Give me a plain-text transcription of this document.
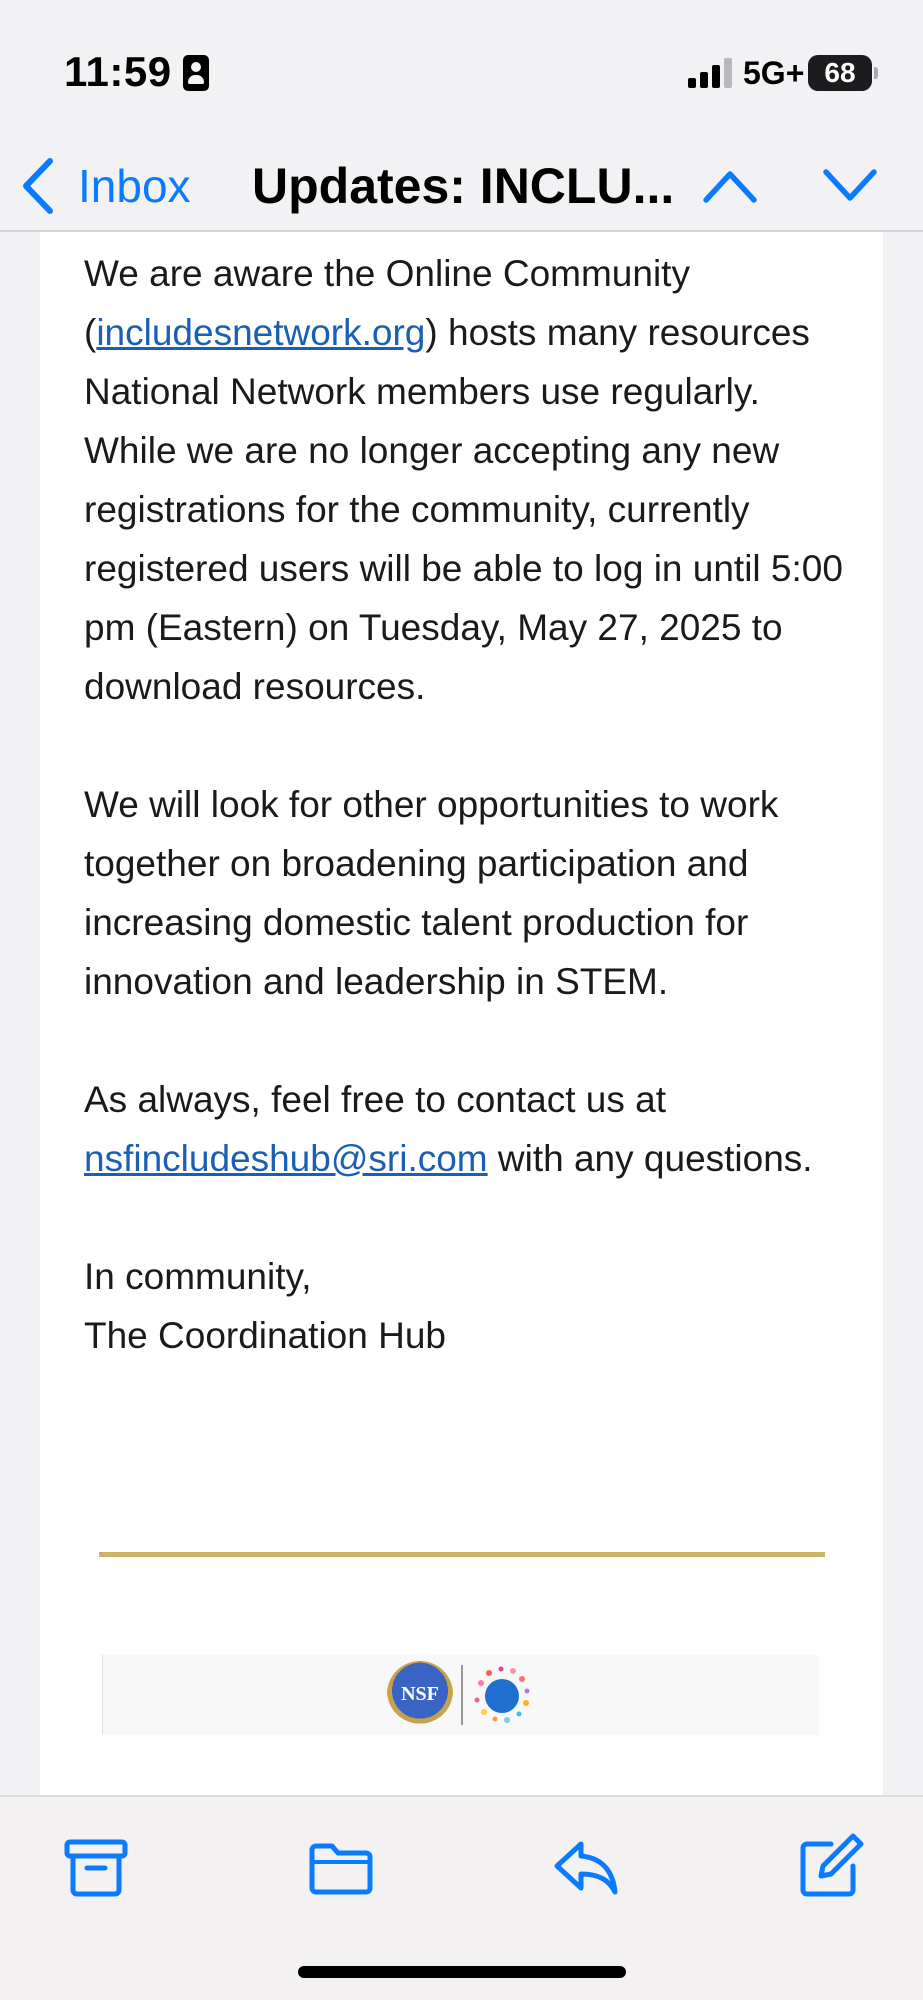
11:59	5G+ 68
Inbox Updates: INCLU...

We are aware the Online Community (includesnetwork.org) hosts many resources National Network members use regularly. While we are no longer accepting any new registrations for the community, currently registered users will be able to log in until 5:00 pm (Eastern) on Tuesday, May 27, 2025 to download resources.

We will look for other opportunities to work together on broadening participation and increasing domestic talent production for innovation and leadership in STEM.

As always, feel free to contact us at nsfincludeshub@sri.com with any questions.

In community,
The Coordination Hub

NSF
